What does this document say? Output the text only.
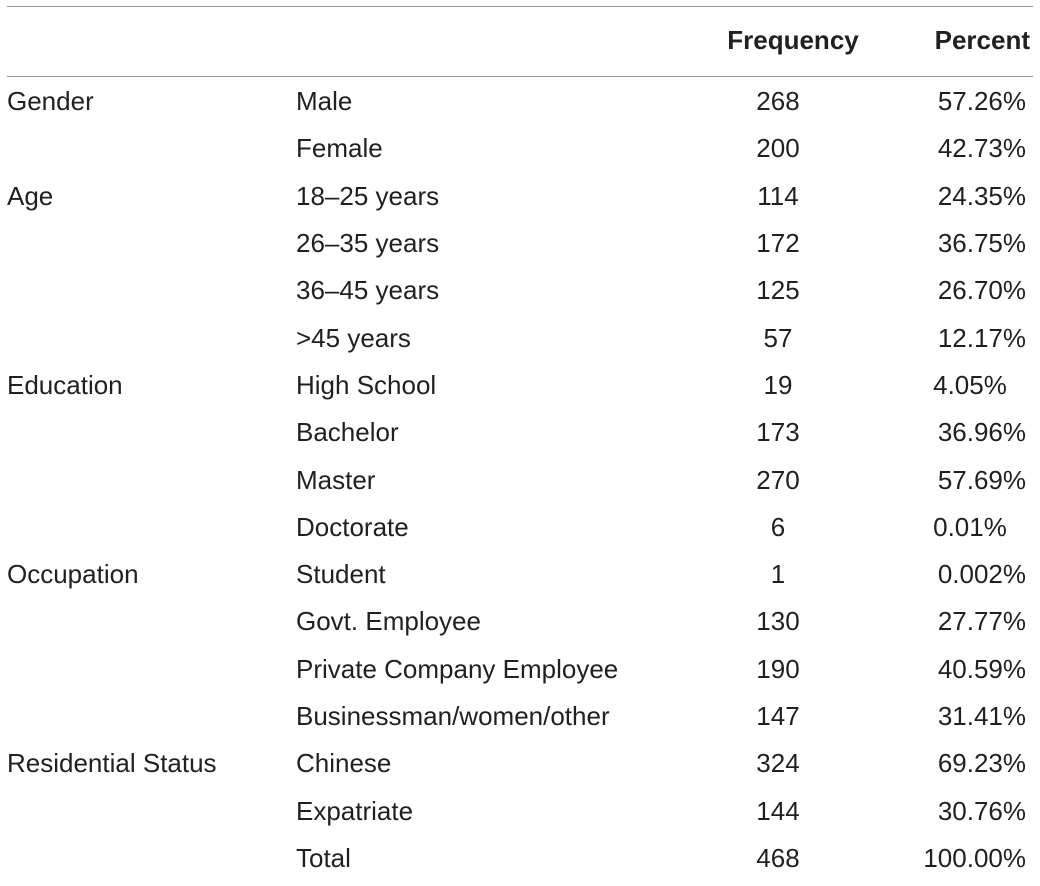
		Frequency	Percent
Gender	Male	268	57.26%
	Female	200	42.73%
Age	18–25 years	114	24.35%
	26–35 years	172	36.75%
	36–45 years	125	26.70%
	>45 years	57	12.17%
Education	High School	19	4.05%
	Bachelor	173	36.96%
	Master	270	57.69%
	Doctorate	6	0.01%
Occupation	Student	1	0.002%
	Govt. Employee	130	27.77%
	Private Company Employee	190	40.59%
	Businessman/women/other	147	31.41%
Residential Status	Chinese	324	69.23%
	Expatriate	144	30.76%
	Total	468	100.00%
